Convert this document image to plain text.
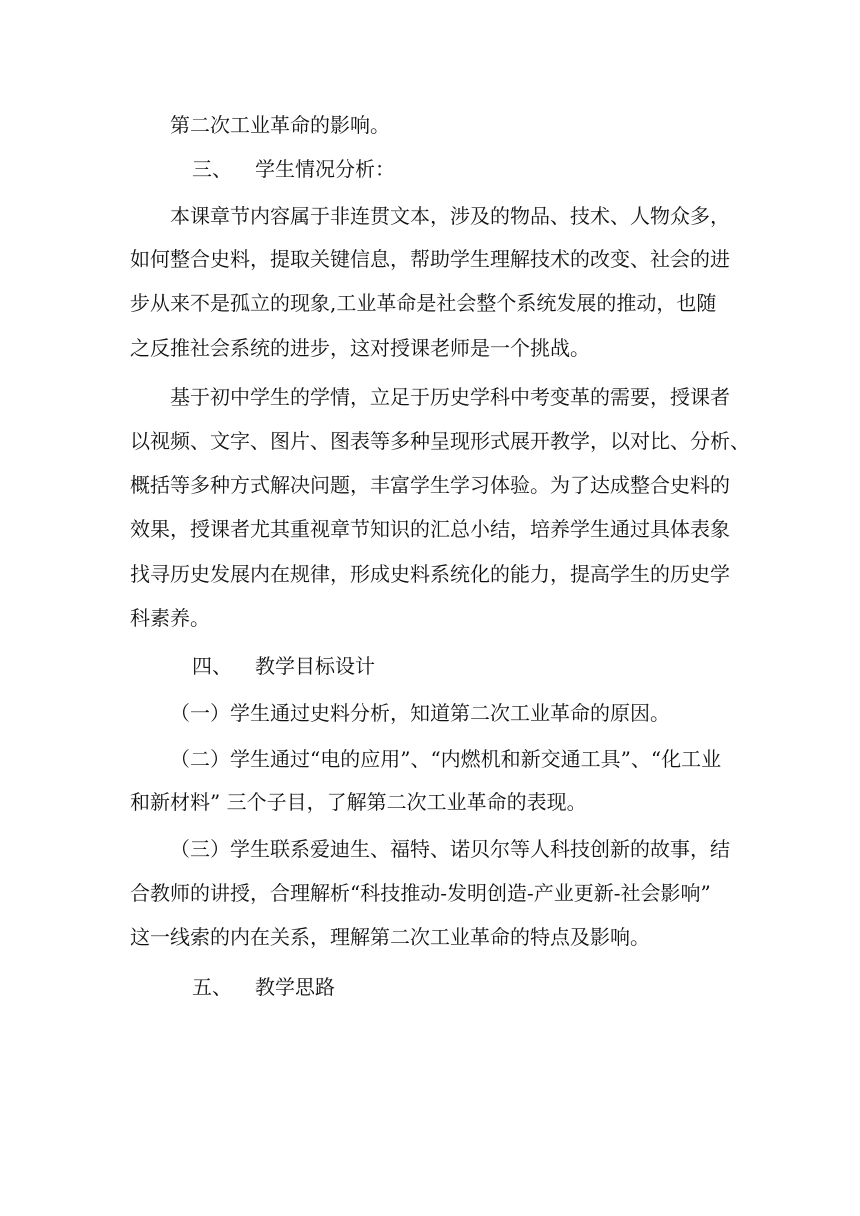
第二次工业革命的影响。
三、 学生情况分析：
本课章节内容属于非连贯文本，涉及的物品、技术、人物众多，
如何整合史料，提取关键信息，帮助学生理解技术的改变、社会的进
步从来不是孤立的现象,工业革命是社会整个系统发展的推动，也随
之反推社会系统的进步，这对授课老师是一个挑战。
基于初中学生的学情，立足于历史学科中考变革的需要，授课者
以视频、文字、图片、图表等多种呈现形式展开教学，以对比、分析、
概括等多种方式解决问题，丰富学生学习体验。为了达成整合史料的
效果，授课者尤其重视章节知识的汇总小结，培养学生通过具体表象
找寻历史发展内在规律，形成史料系统化的能力，提高学生的历史学
科素养。
四、 教学目标设计
（一）学生通过史料分析，知道第二次工业革命的原因。
（二）学生通过“电的应用”、“内燃机和新交通工具”、“化工业
和新材料” 三个子目，了解第二次工业革命的表现。
（三）学生联系爱迪生、福特、诺贝尔等人科技创新的故事，结
合教师的讲授，合理解析“科技推动-发明创造-产业更新-社会影响”
这一线索的内在关系，理解第二次工业革命的特点及影响。
五、 教学思路
